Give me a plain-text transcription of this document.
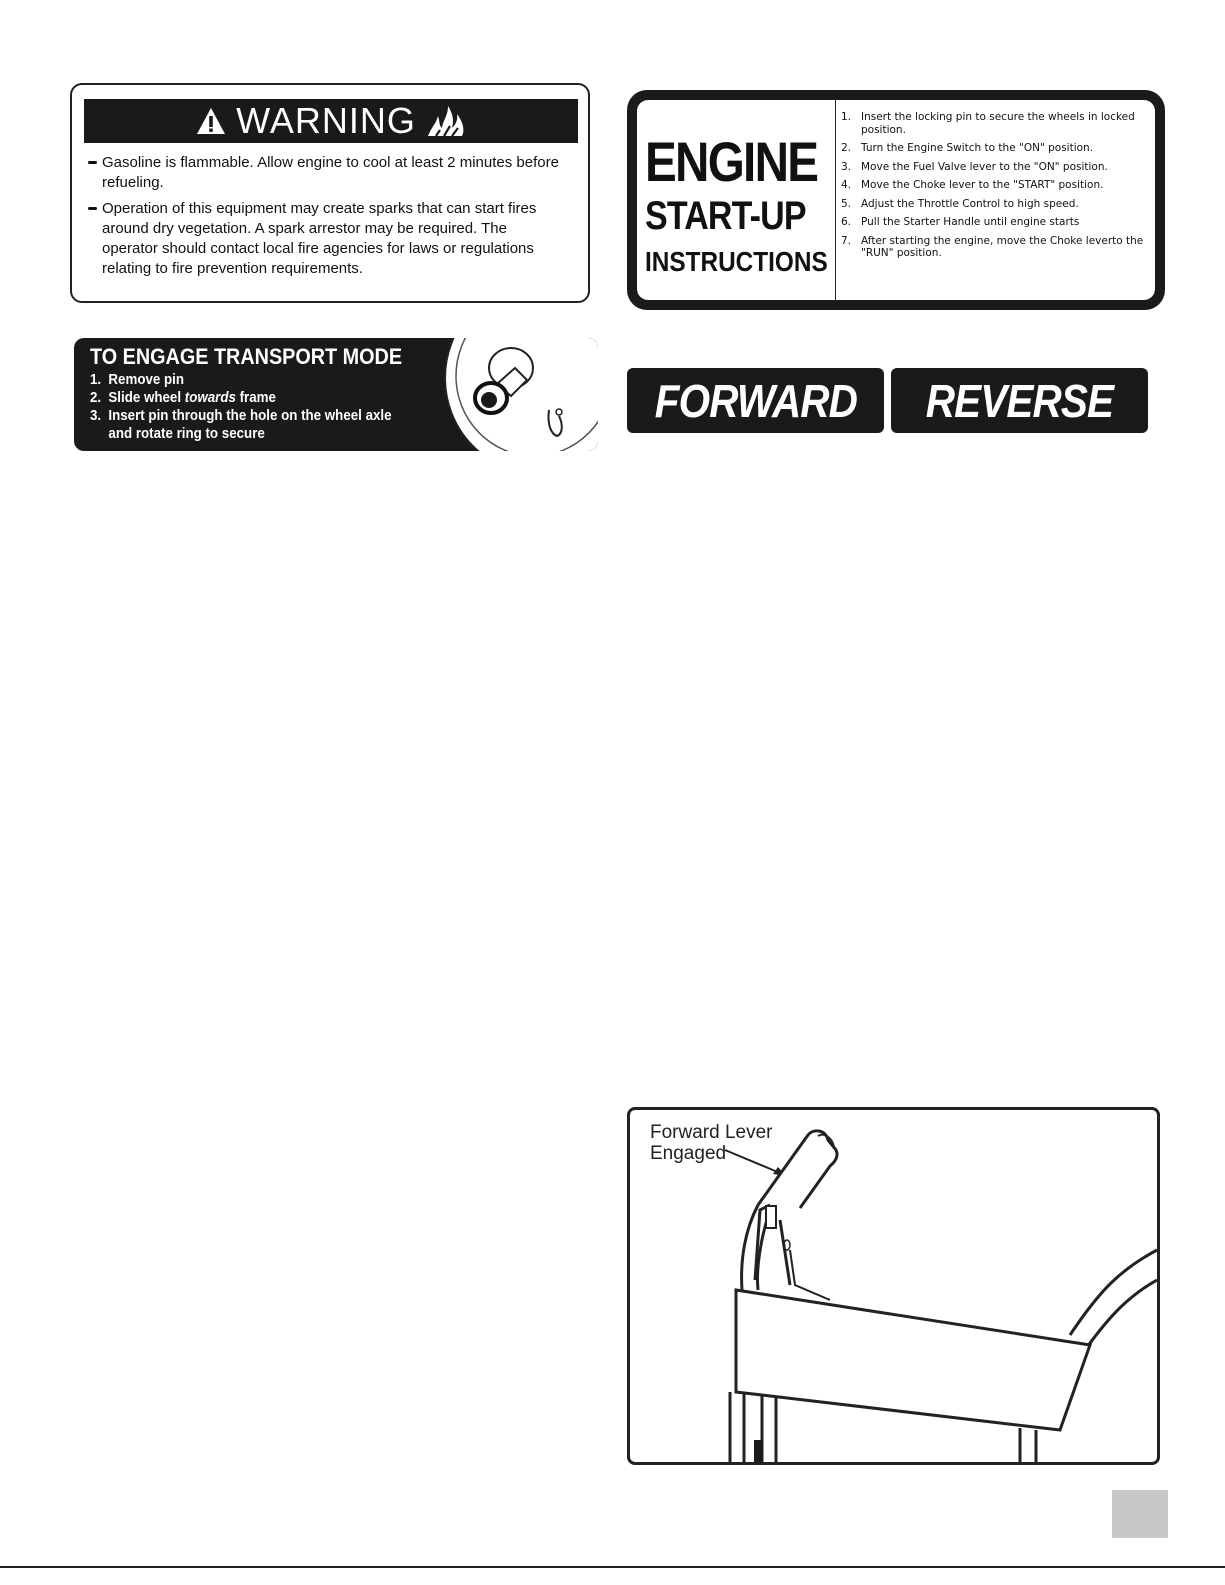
WARNING
Gasoline is flammable. Allow engine to cool at least 2 minutes before refueling.
Operation of this equipment may create sparks that can start fires around dry vegetation. A spark arrestor may be required. The operator should contact local fire agencies for laws or regulations relating to fire prevention requirements.
ENGINE
START-UP
INSTRUCTIONS
1. Insert the locking pin to secure the wheels in locked position.
2. Turn the Engine Switch to the "ON" position.
3. Move the Fuel Valve lever to the "ON" position.
4. Move the Choke lever to the "START" position.
5. Adjust the Throttle Control to high speed.
6. Pull the Starter Handle until engine starts
7. After starting the engine, move the Choke leverto the "RUN" position.
TO ENGAGE TRANSPORT MODE
1. Remove pin
2. Slide wheel towards frame
3. Insert pin through the hole on the wheel axle
and rotate ring to secure
FORWARD REVERSE
Forward Lever
Engaged
